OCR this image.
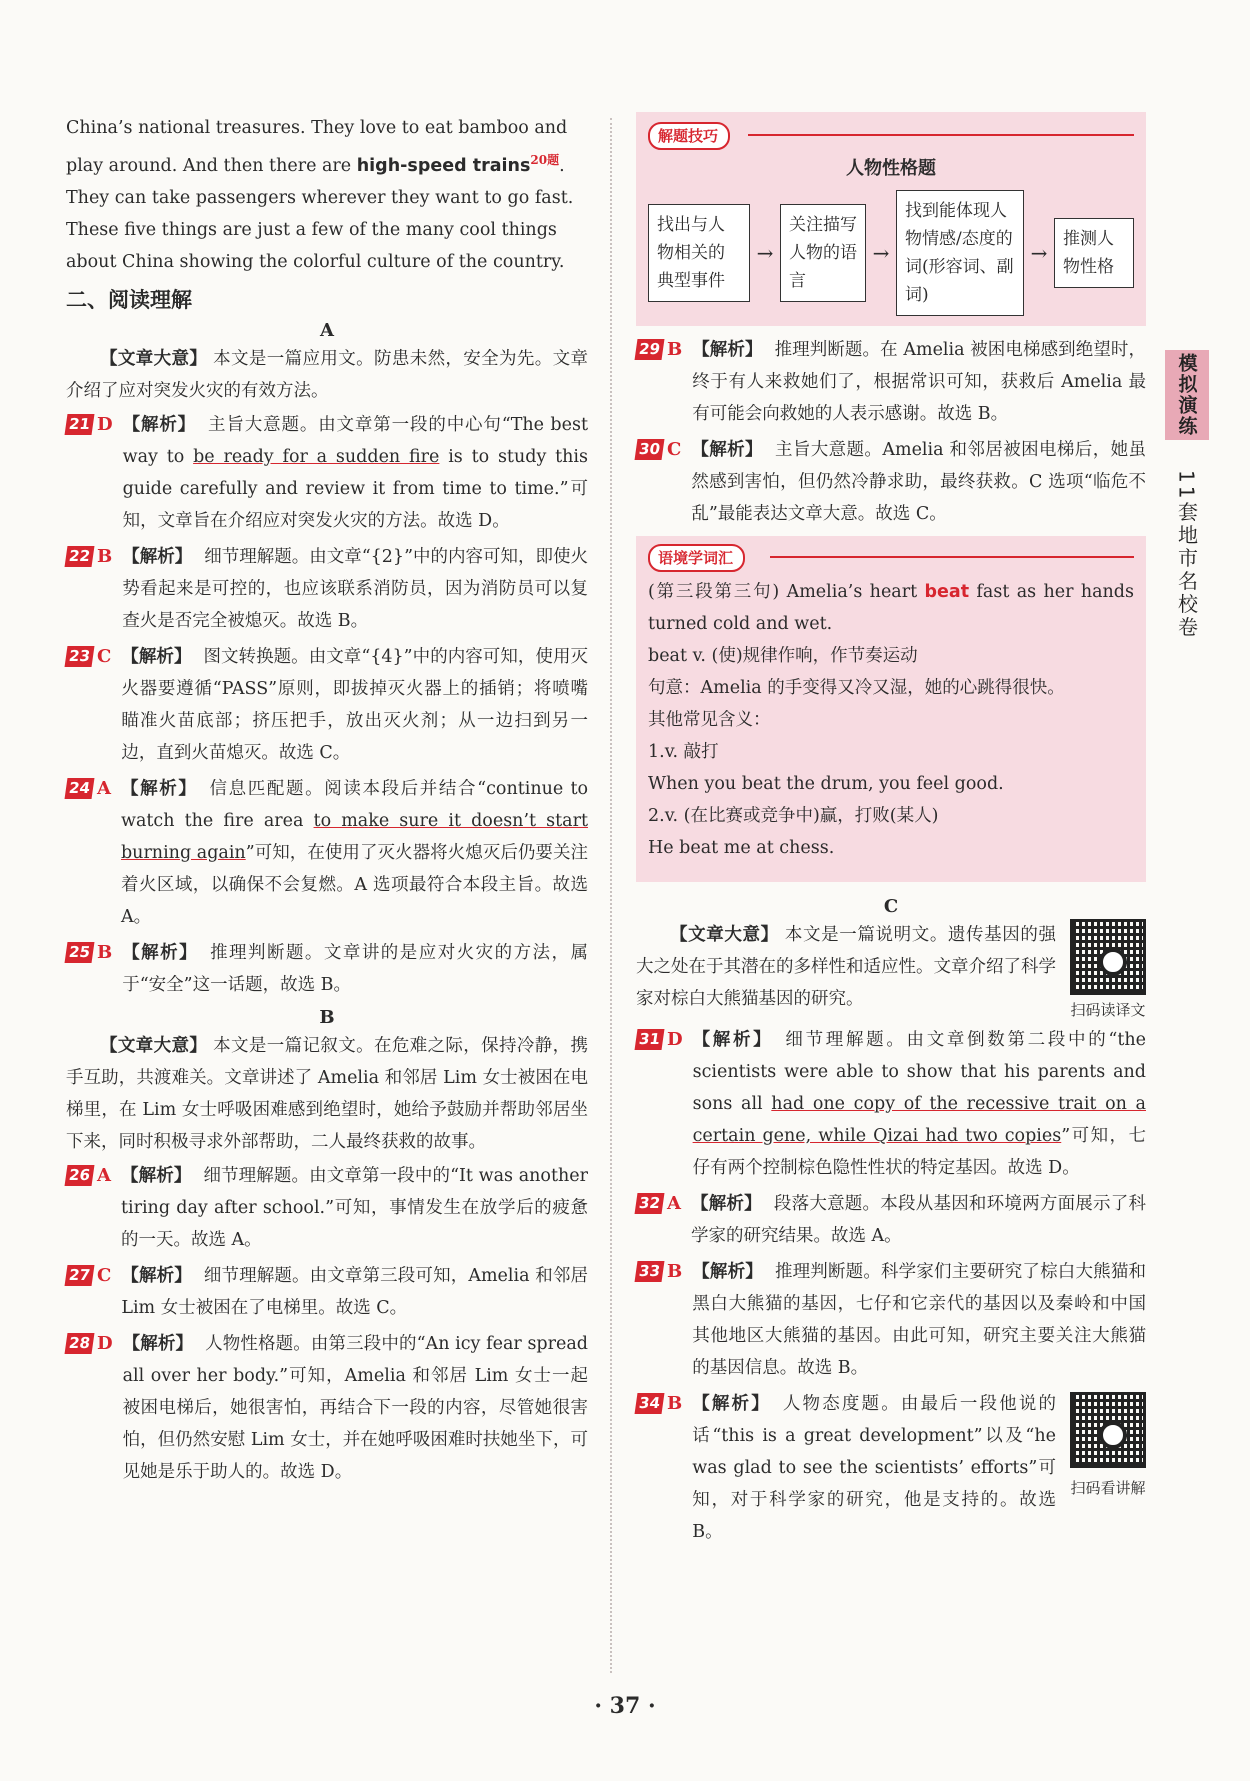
China’s national treasures. They love to eat bamboo and

play around. And then there are high-speed trains$^{20题}$.

They can take passengers wherever they want to go fast.

These five things are just a few of the many cool things

about China showing the colorful culture of the country.

二、阅读理解
A

【文章大意】 本文是一篇应用文。防患未然，安全为先。文章介绍了应对突发火灾的有效方法。

21 D 【解析】 主旨大意题。由文章第一段的中心句“The best way to be ready for a sudden fire is to study this guide carefully and review it from time to time.”可知，文章旨在介绍应对突发火灾的方法。故选 D。
22 B 【解析】 细节理解题。由文章“{2}”中的内容可知，即使火势看起来是可控的，也应该联系消防员，因为消防员可以复查火是否完全被熄灭。故选 B。
23 C 【解析】 图文转换题。由文章“{4}”中的内容可知，使用灭火器要遵循“PASS”原则，即拔掉灭火器上的插销；将喷嘴瞄准火苗底部；挤压把手，放出灭火剂；从一边扫到另一边，直到火苗熄灭。故选 C。
24 A 【解析】 信息匹配题。阅读本段后并结合“continue to watch the fire area to make sure it doesn’t start burning again”可知，在使用了灭火器将火熄灭后仍要关注着火区域，以确保不会复燃。A 选项最符合本段主旨。故选 A。
25 B 【解析】 推理判断题。文章讲的是应对火灾的方法，属于“安全”这一话题，故选 B。
B

【文章大意】 本文是一篇记叙文。在危难之际，保持冷静，携手互助，共渡难关。文章讲述了 Amelia 和邻居 Lim 女士被困在电梯里，在 Lim 女士呼吸困难感到绝望时，她给予鼓励并帮助邻居坐下来，同时积极寻求外部帮助，二人最终获救的故事。

26 A 【解析】 细节理解题。由文章第一段中的“It was another tiring day after school.”可知，事情发生在放学后的疲惫的一天。故选 A。
27 C 【解析】 细节理解题。由文章第三段可知，Amelia 和邻居 Lim 女士被困在了电梯里。故选 C。
28 D 【解析】 人物性格题。由第三段中的“An icy fear spread all over her body.”可知，Amelia 和邻居 Lim 女士一起被困电梯后，她很害怕，再结合下一段的内容，尽管她很害怕，但仍然安慰 Lim 女士，并在她呼吸困难时扶她坐下，可见她是乐于助人的。故选 D。
解题技巧
人物性格题
找出与人物相关的典型事件
→
关注描写人物的语言
→
找到能体现人物情感/态度的词(形容词、副词)
→
推测人物性格
29 B 【解析】 推理判断题。在 Amelia 被困电梯感到绝望时，终于有人来救她们了，根据常识可知，获救后 Amelia 最有可能会向救她的人表示感谢。故选 B。
30 C 【解析】 主旨大意题。Amelia 和邻居被困电梯后，她虽然感到害怕，但仍然冷静求助，最终获救。C 选项“临危不乱”最能表达文章大意。故选 C。
语境学词汇

(第三段第三句) Amelia’s heart beat fast as her hands turned cold and wet.

beat v. (使)规律作响，作节奏运动

句意：Amelia 的手变得又冷又湿，她的心跳得很快。

其他常见含义：

1.v. 敲打

When you beat the drum, you feel good.

2.v. (在比赛或竞争中)赢，打败(某人)

He beat me at chess.

C
扫码读译文

【文章大意】 本文是一篇说明文。遗传基因的强大之处在于其潜在的多样性和适应性。文章介绍了科学家对棕白大熊猫基因的研究。

31 D 【解析】 细节理解题。由文章倒数第二段中的“the scientists were able to show that his parents and sons all had one copy of the recessive trait on a certain gene, while Qizai had two copies”可知，七仔有两个控制棕色隐性性状的特定基因。故选 D。
32 A 【解析】 段落大意题。本段从基因和环境两方面展示了科学家的研究结果。故选 A。
33 B 【解析】 推理判断题。科学家们主要研究了棕白大熊猫和黑白大熊猫的基因，七仔和它亲代的基因以及秦岭和中国其他地区大熊猫的基因。由此可知，研究主要关注大熊猫的基因信息。故选 B。
34 B
扫码看讲解
【解析】 人物态度题。由最后一段他说的话“this is a great development”以及“he was glad to see the scientists’ efforts”可知，对于科学家的研究，他是支持的。故选 B。
模拟演练
11套地市名校卷
· 37 ·
